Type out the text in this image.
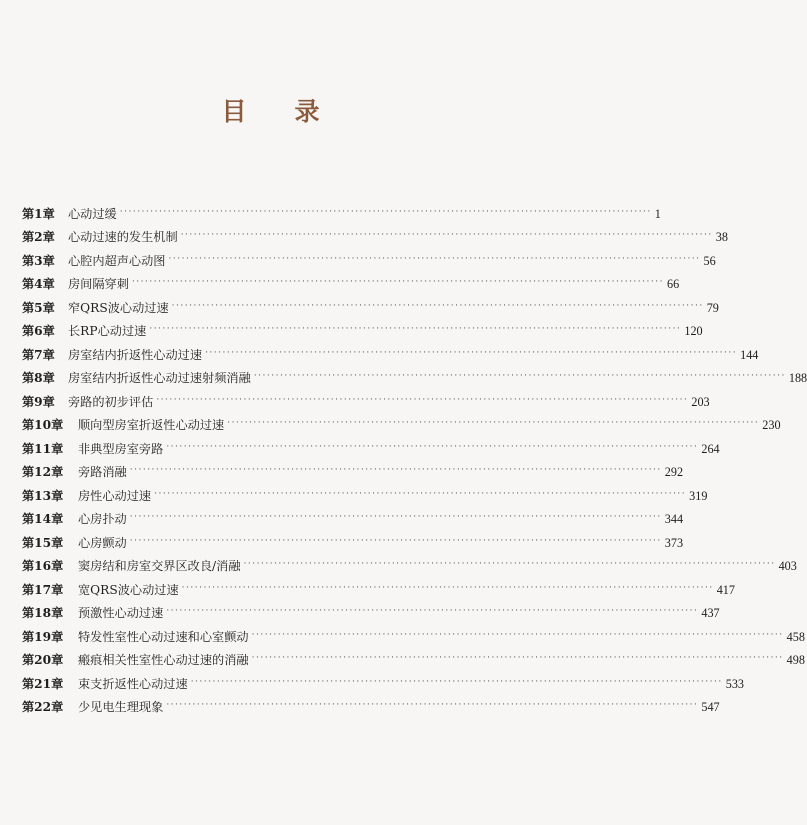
目 录
第1章	心动过缓 ·························································································································· 1
第2章	心动过速的发生机制 ·························································································································· 38
第3章	心腔内超声心动图 ·························································································································· 56
第4章	房间隔穿刺 ·························································································································· 66
第5章	窄QRS波心动过速 ·························································································································· 79
第6章	长RP心动过速 ·························································································································· 120
第7章	房室结内折返性心动过速 ·························································································································· 144
第8章	房室结内折返性心动过速射频消融 ·························································································································· 188
第9章	旁路的初步评估 ·························································································································· 203
第10章	顺向型房室折返性心动过速 ·························································································································· 230
第11章	非典型房室旁路 ·························································································································· 264
第12章	旁路消融 ·························································································································· 292
第13章	房性心动过速 ·························································································································· 319
第14章	心房扑动 ·························································································································· 344
第15章	心房颤动 ·························································································································· 373
第16章	窦房结和房室交界区改良/消融 ·························································································································· 403
第17章	宽QRS波心动过速 ·························································································································· 417
第18章	预激性心动过速 ·························································································································· 437
第19章	特发性室性心动过速和心室颤动 ·························································································································· 458
第20章	瘢痕相关性室性心动过速的消融 ·························································································································· 498
第21章	束支折返性心动过速 ·························································································································· 533
第22章	少见电生理现象 ·························································································································· 547
